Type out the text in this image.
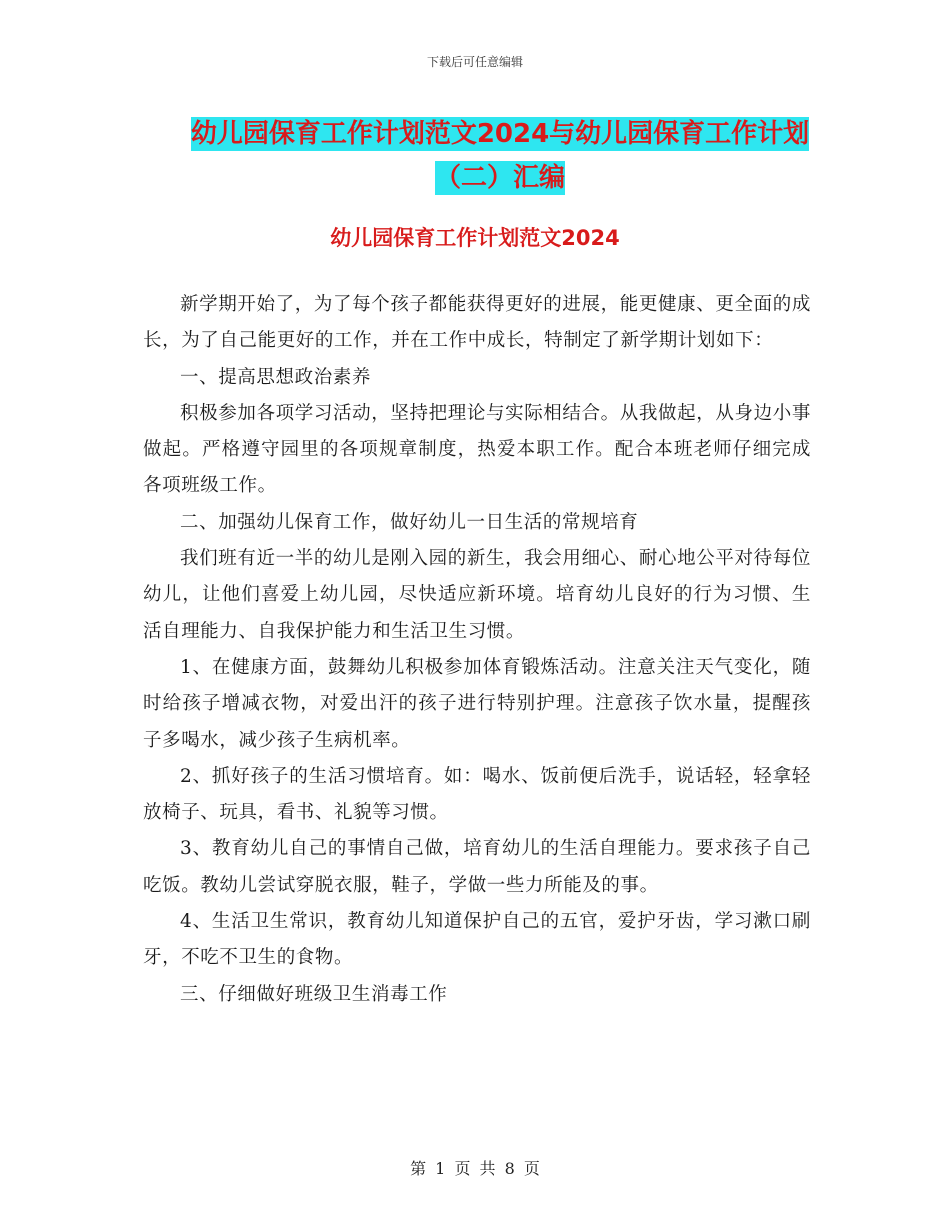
下载后可任意编辑
幼儿园保育工作计划范文2024与幼儿园保育工作计划
（二）汇编
幼儿园保育工作计划范文2024

新学期开始了，为了每个孩子都能获得更好的进展，能更健康、更全面的成长，为了自己能更好的工作，并在工作中成长，特制定了新学期计划如下：

一、提高思想政治素养

积极参加各项学习活动，坚持把理论与实际相结合。从我做起，从身边小事做起。严格遵守园里的各项规章制度，热爱本职工作。配合本班老师仔细完成各项班级工作。

二、加强幼儿保育工作，做好幼儿一日生活的常规培育

我们班有近一半的幼儿是刚入园的新生，我会用细心、耐心地公平对待每位幼儿，让他们喜爱上幼儿园，尽快适应新环境。培育幼儿良好的行为习惯、生活自理能力、自我保护能力和生活卫生习惯。

1、在健康方面，鼓舞幼儿积极参加体育锻炼活动。注意关注天气变化，随时给孩子增减衣物，对爱出汗的孩子进行特别护理。注意孩子饮水量，提醒孩子多喝水，减少孩子生病机率。

2、抓好孩子的生活习惯培育。如：喝水、饭前便后洗手，说话轻，轻拿轻放椅子、玩具，看书、礼貌等习惯。

3、教育幼儿自己的事情自己做，培育幼儿的生活自理能力。要求孩子自己吃饭。教幼儿尝试穿脱衣服，鞋子，学做一些力所能及的事。

4、生活卫生常识，教育幼儿知道保护自己的五官，爱护牙齿，学习漱口刷牙，不吃不卫生的食物。

三、仔细做好班级卫生消毒工作

第 1 页 共 8 页
